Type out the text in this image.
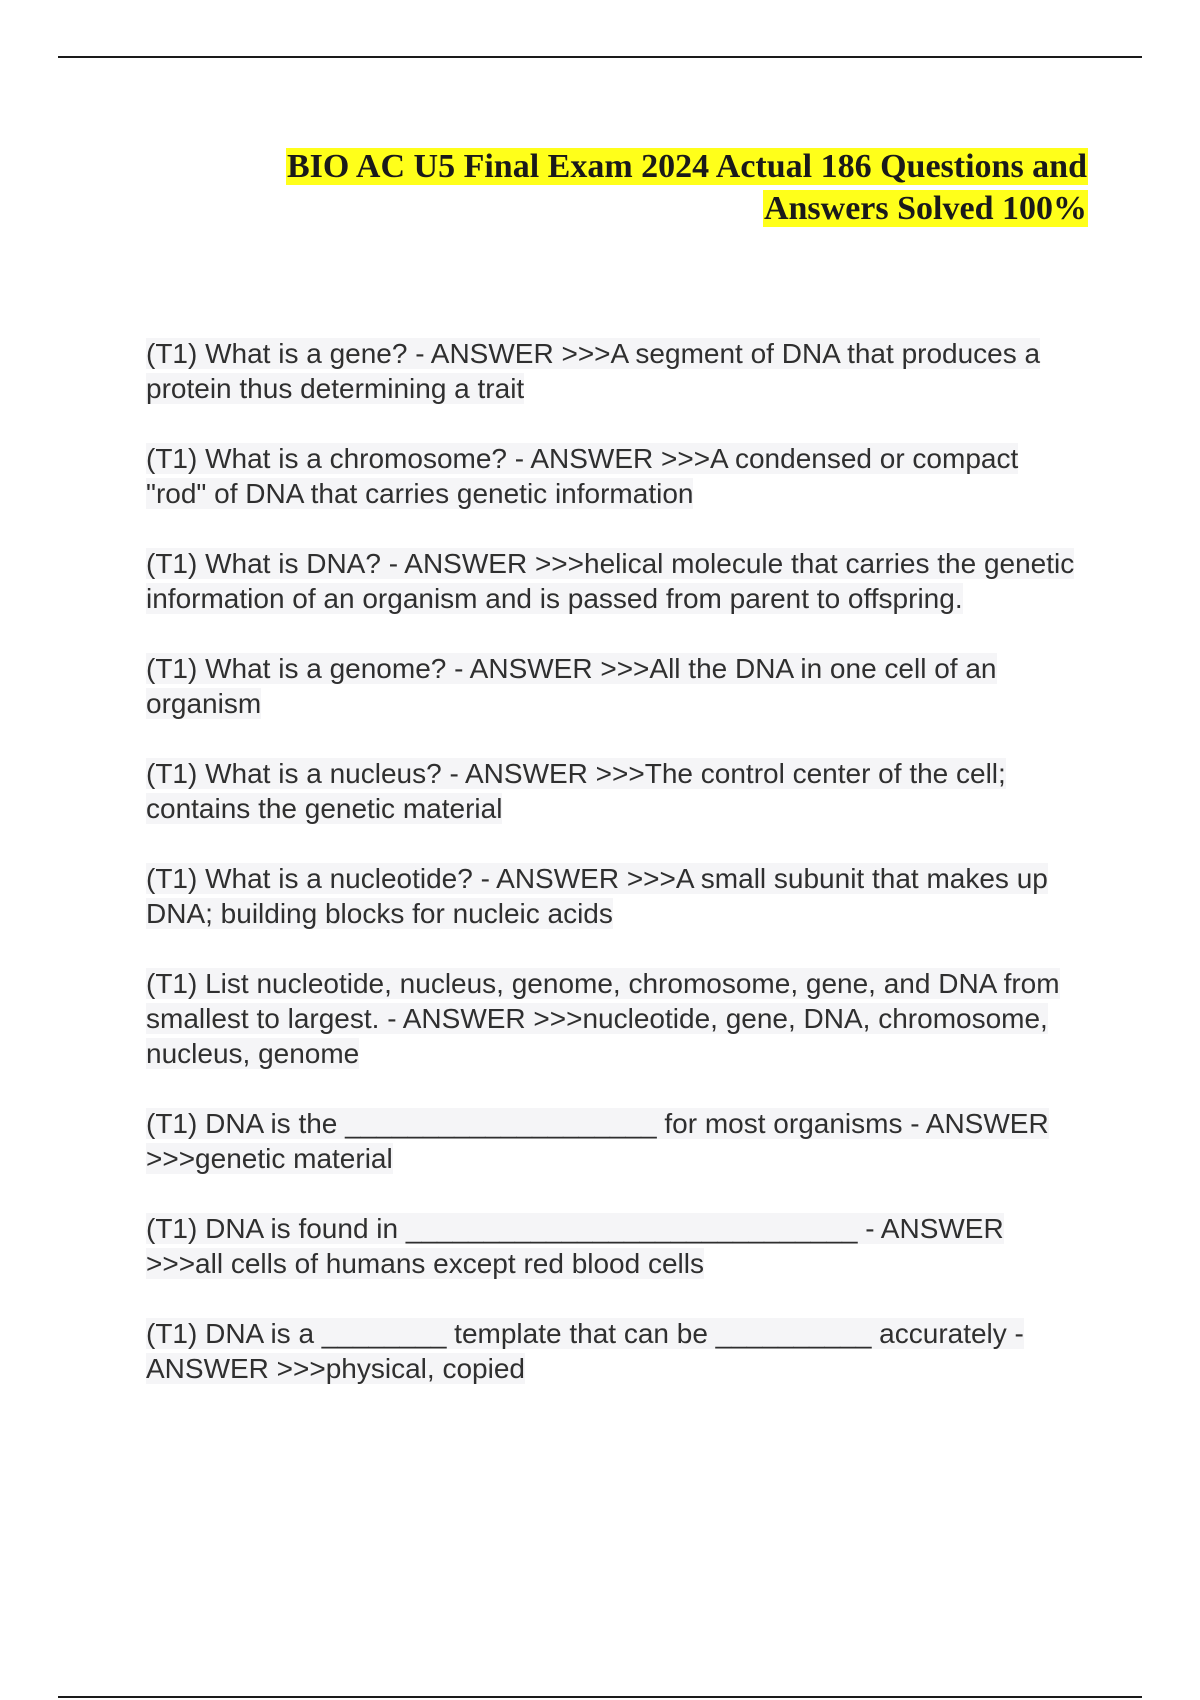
BIO AC U5 Final Exam 2024 Actual 186 Questions and
Answers Solved 100%
(T1) What is a gene? - ANSWER >>>A segment of DNA that produces a protein thus determining a trait
(T1) What is a chromosome? - ANSWER >>>A condensed or compact "rod" of DNA that carries genetic information
(T1) What is DNA? - ANSWER >>>helical molecule that carries the genetic information of an organism and is passed from parent to offspring.
(T1) What is a genome? - ANSWER >>>All the DNA in one cell of an organism
(T1) What is a nucleus? - ANSWER >>>The control center of the cell; contains the genetic material
(T1) What is a nucleotide? - ANSWER >>>A small subunit that makes up DNA; building blocks for nucleic acids
(T1) List nucleotide, nucleus, genome, chromosome, gene, and DNA from smallest to largest. - ANSWER >>>nucleotide, gene, DNA, chromosome, nucleus, genome
(T1) DNA is the ____________________ for most organisms - ANSWER >>>genetic material
(T1) DNA is found in _____________________________ - ANSWER >>>all cells of humans except red blood cells
(T1) DNA is a ________ template that can be __________ accurately - ANSWER >>>physical, copied
